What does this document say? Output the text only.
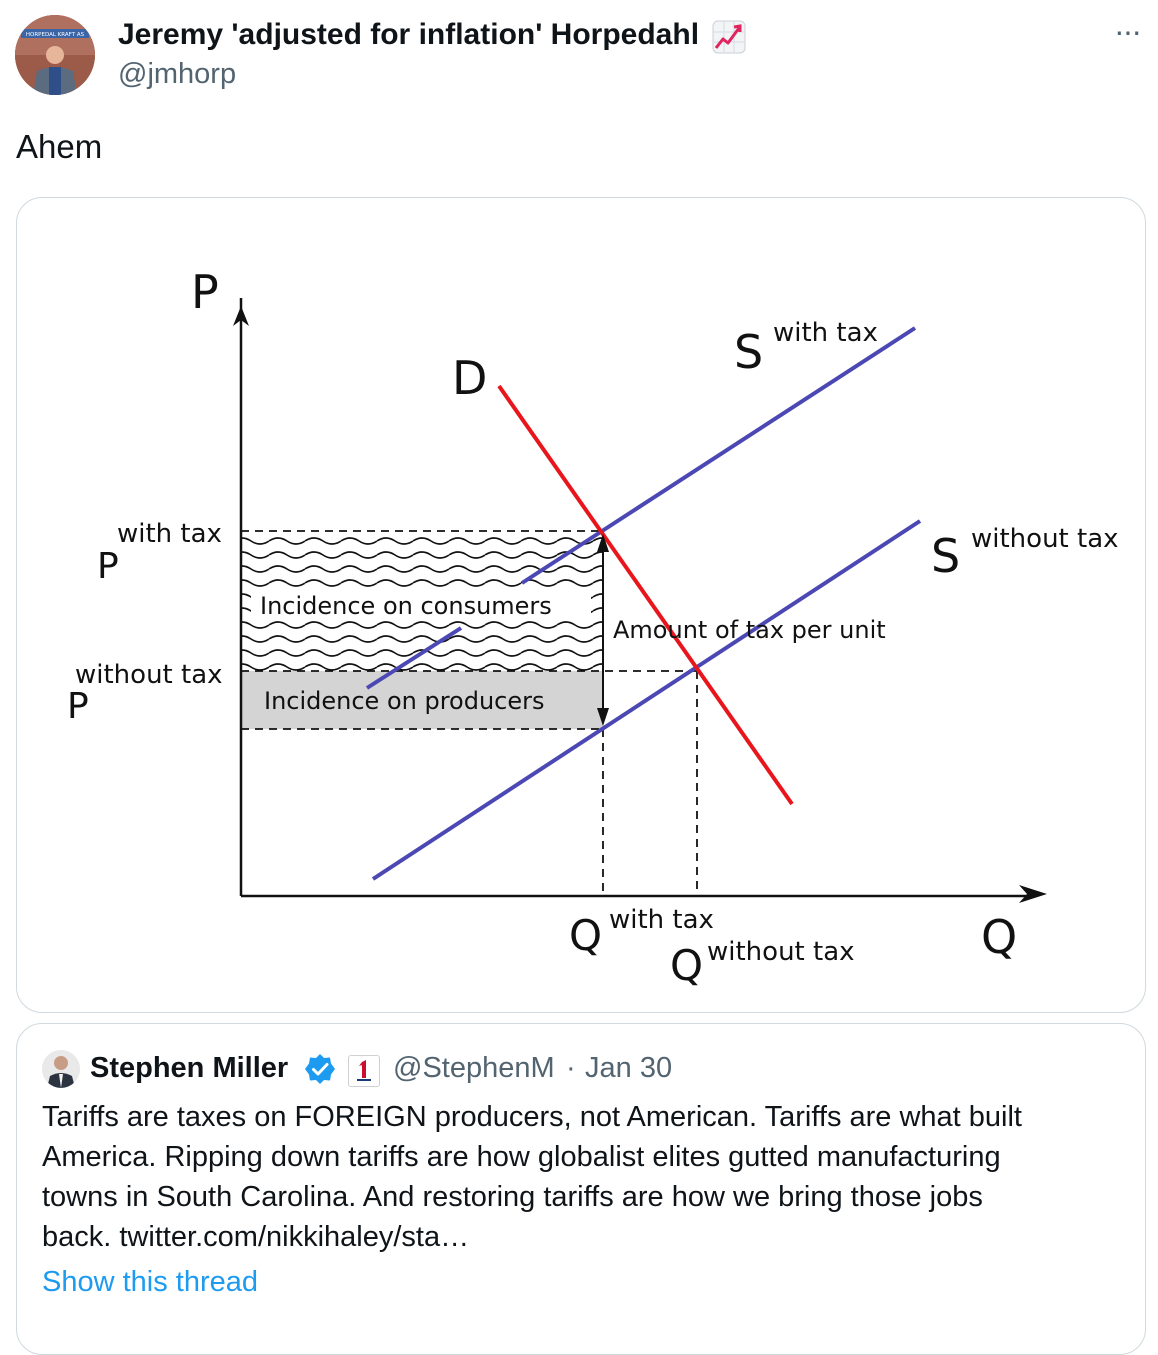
HORPEDAL KRAFT AS Jeremy 'adjusted for inflation' Horpedahl
@jmhorp
···
Ahem
P
Q
D	S with tax
S without tax
P
with tax
P
without tax
Q with tax
Q without tax
Incidence on consumers
Incidence on producers
Amount of tax per unit
Stephen Miller	@StephenM · Jan 30
Tariffs are taxes on FOREIGN producers, not American. Tariffs are what built
America. Ripping down tariffs are how globalist elites gutted manufacturing
towns in South Carolina. And restoring tariffs are how we bring those jobs
back. twitter.com/nikkihaley/sta…
Show this thread
